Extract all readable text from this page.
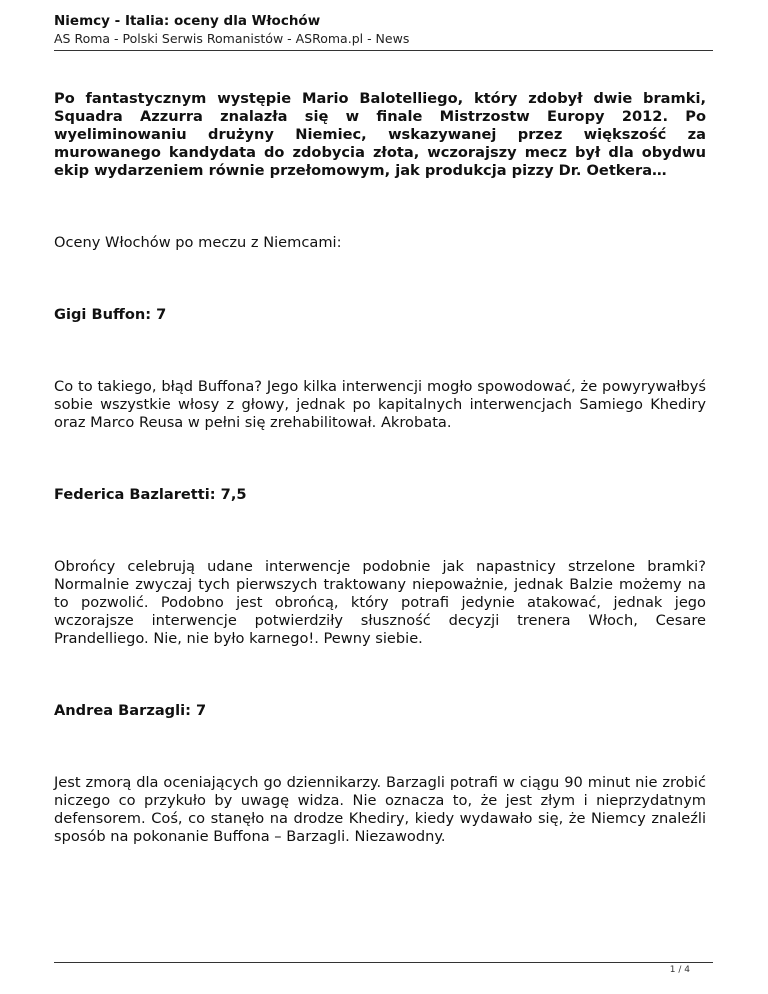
Niemcy - Italia: oceny dla Włochów

AS Roma - Polski Serwis Romanistów - ASRoma.pl - News

Po fantastycznym występie Mario Balotelliego, który zdobył dwie bramki, Squadra Azzurra znalazła się w finale Mistrzostw Europy 2012. Po wyeliminowaniu drużyny Niemiec, wskazywanej przez większość za murowanego kandydata do zdobycia złota, wczorajszy mecz był dla obydwu ekip wydarzeniem równie przełomowym, jak produkcja pizzy Dr. Oetkera…

Oceny Włochów po meczu z Niemcami:

Gigi Buffon: 7

Co to takiego, błąd Buffona? Jego kilka interwencji mogło spowodować, że powyrywałbyś sobie wszystkie włosy z głowy, jednak po kapitalnych interwencjach Samiego Khediry oraz Marco Reusa w pełni się zrehabilitował. Akrobata.

Federica Bazlaretti: 7,5

Obrońcy celebrują udane interwencje podobnie jak napastnicy strzelone bramki? Normalnie zwyczaj tych pierwszych traktowany niepoważnie, jednak Balzie możemy na to pozwolić. Podobno jest obrońcą, który potrafi jedynie atakować, jednak jego wczorajsze interwencje potwierdziły słuszność decyzji trenera Włoch, Cesare Prandelliego. Nie, nie było karnego!. Pewny siebie.

Andrea Barzagli: 7

Jest zmorą dla oceniających go dziennikarzy. Barzagli potrafi w ciągu 90 minut nie zrobić niczego co przykuło by uwagę widza. Nie oznacza to, że jest złym i nieprzydatnym defensorem. Coś, co stanęło na drodze Khediry, kiedy wydawało się, że Niemcy znaleźli sposób na pokonanie Buffona – Barzagli. Niezawodny.

1 / 4
